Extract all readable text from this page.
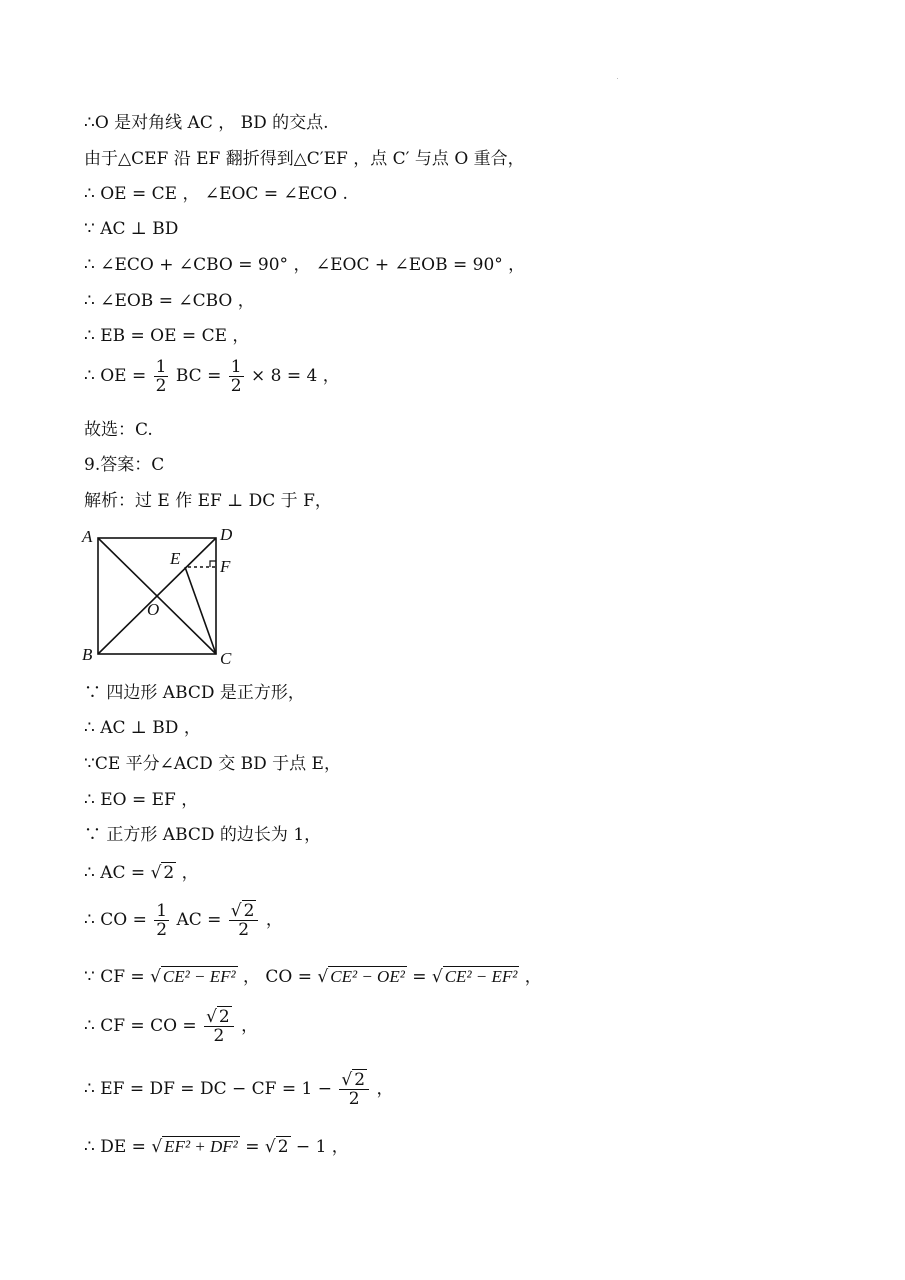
∴O 是对角线 AC ， BD 的交点.
由于△CEF 沿 EF 翻折得到△C′EF ，点 C′ 与点 O 重合，
∴ OE = CE ， ∠EOC = ∠ECO .
∵ AC ⊥ BD
∴ ∠ECO + ∠CBO = 90° ， ∠EOC + ∠EOB = 90° ，
∴ ∠EOB = ∠CBO ，
∴ EB = OE = CE ，
∴ OE = $\frac{1}{2}$ BC = $\frac{1}{2} \times 8 = 4$ ，
故选：C.
9.答案：C
解析：过 E 作 EF ⊥ DC 于 F，
A	D
E F
O
B	C
∵ 四边形 ABCD 是正方形，
∴ AC ⊥ BD ，
∵CE 平分∠ACD 交 BD 于点 E，
∴ EO = EF ，
∵ 正方形 ABCD 的边长为 1，
∴ AC = √ 2 ，
∴ CO = $\frac{1}{2}$ AC = $\frac{√ 2}{2}$ ，
∵ CF = √ CE² − EF² ， CO = √ CE² − OE² = √ CE² − EF² ，
∴ CF = CO = $\frac{√ 2}{2}$ ，
∴ EF = DF = DC − CF = $1 - \frac{√ 2}{2}$ ，
∴ DE = √ EF² + DF² = √ 2 − 1 ，
